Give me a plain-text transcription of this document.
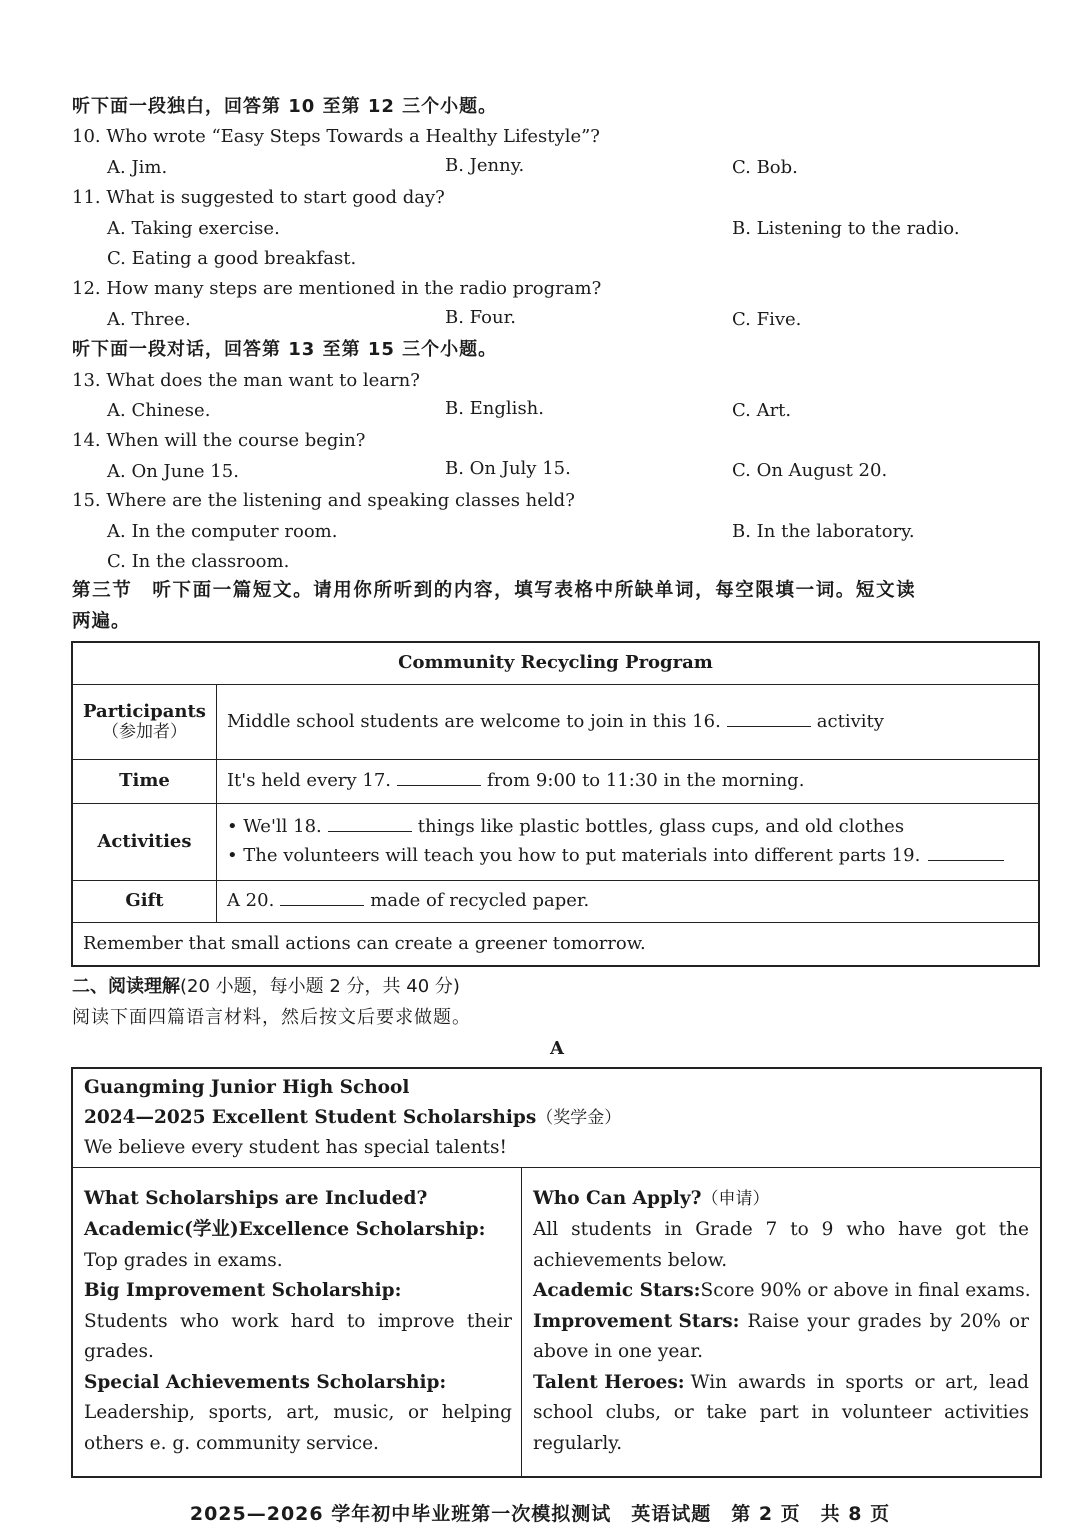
听下面一段独白，回答第 10 至第 12 三个小题。
10. Who wrote “Easy Steps Towards a Healthy Lifestyle”?
A. Jim.	B. Jenny.	C. Bob.
11. What is suggested to start good day?
A. Taking exercise.	B. Listening to the radio.
C. Eating a good breakfast.
12. How many steps are mentioned in the radio program?
A. Three.	B. Four.	C. Five.
听下面一段对话，回答第 13 至第 15 三个小题。
13. What does the man want to learn?
A. Chinese.	B. English.	C. Art.
14. When will the course begin?
A. On June 15.	B. On July 15.	C. On August 20.
15. Where are the listening and speaking classes held?
A. In the computer room.	B. In the laboratory.
C. In the classroom.
第三节　听下面一篇短文。请用你所听到的内容，填写表格中所缺单词，每空限填一词。短文读
两遍。
Community Recycling Program	

Participants
（参加者）	Middle school students are welcome to join in this 16. activity
Time	It's held every 17. from 9:00 to 11:30 in the morning.
Activities	• We'll 18. things like plastic bottles, glass cups, and old clothes
• The volunteers will teach you how to put materials into different parts 19.

Gift	A 20. made of recycled paper.
Remember that small actions can create a greener tomorrow.	
二、阅读理解(20 小题，每小题 2 分，共 40 分)
阅读下面四篇语言材料，然后按文后要求做题。
A
Guangming Junior High School
2024—2025 Excellent Student Scholarships（奖学金）
We believe every student has special talents!
What Scholarships are Included?
Academic(学业)Excellence Scholarship:
Top grades in exams.
Big Improvement Scholarship:
Students who work hard to improve their
grades.
Special Achievements Scholarship:
Leadership, sports, art, music, or helping
others e. g. community service.
Who Can Apply?（申请）
All students in Grade 7 to 9 who have got the
achievements below.
Academic Stars:Score 90% or above in final exams.
Improvement Stars: Raise your grades by 20% or
above in one year.
Talent Heroes: Win awards in sports or art, lead
school clubs, or take part in volunteer activities
regularly.
2025—2026 学年初中毕业班第一次模拟测试　英语试题　第 2 页　共 8 页
